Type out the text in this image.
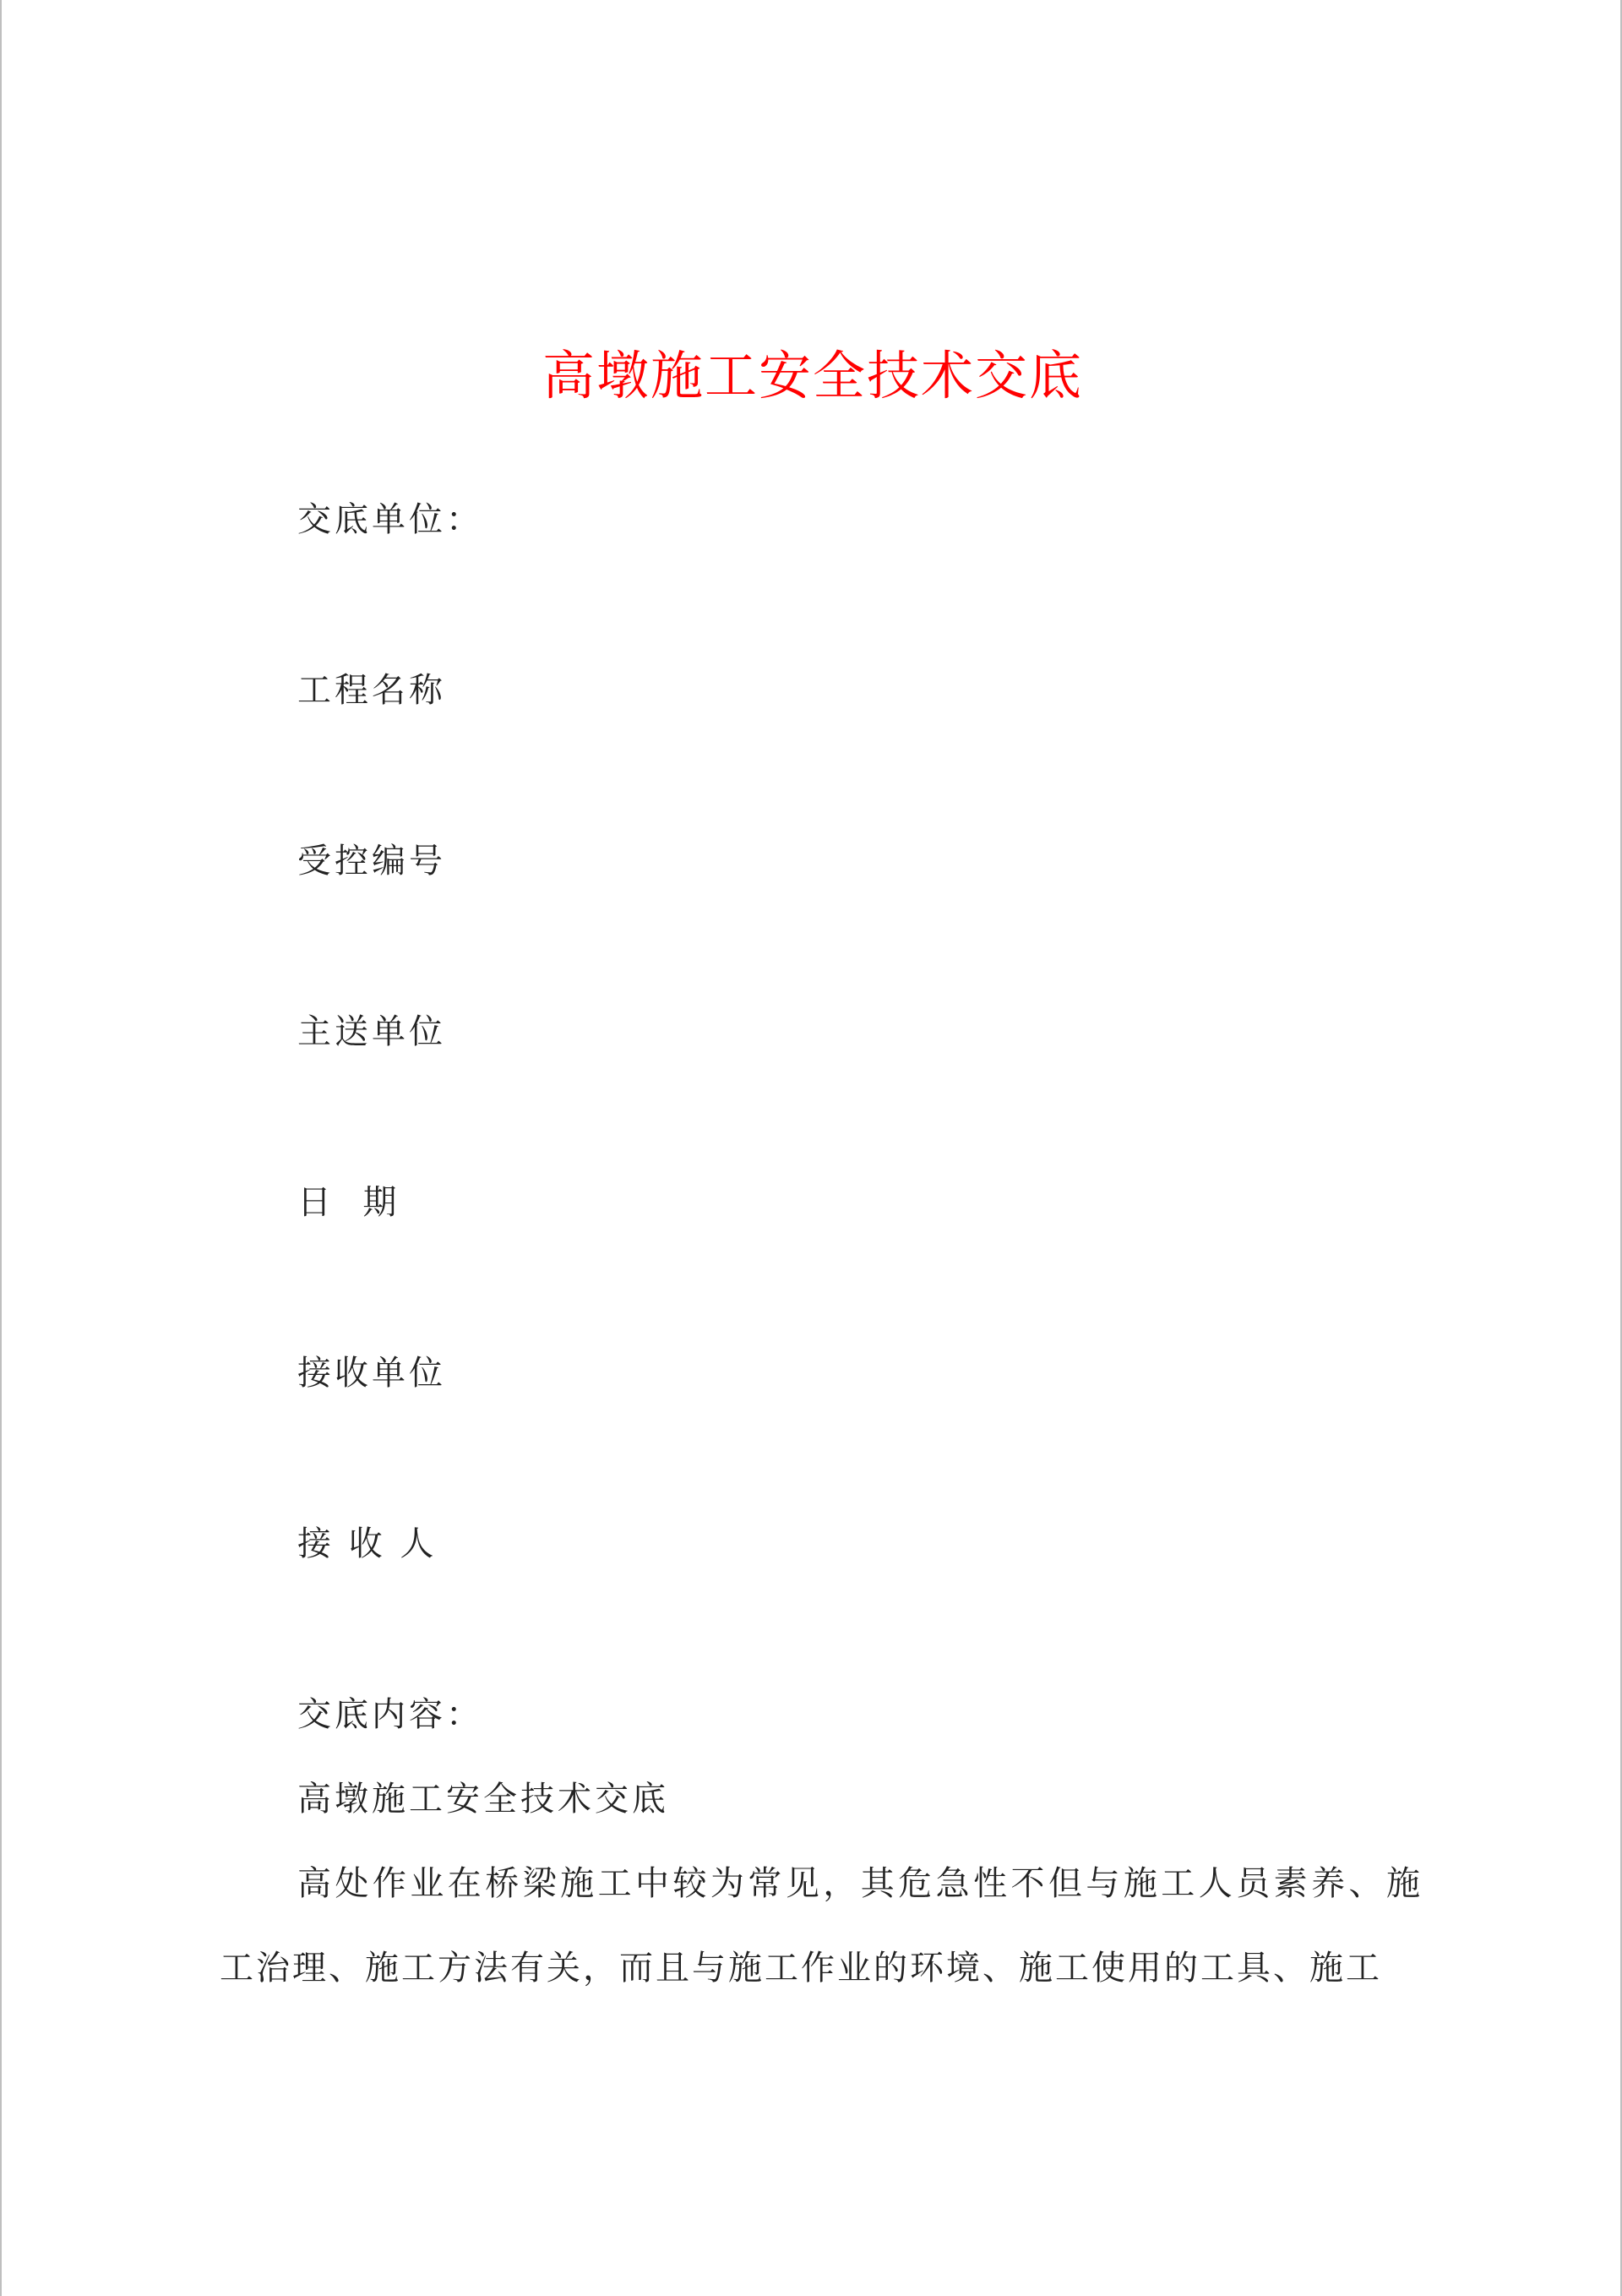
高墩施工安全技术交底
交底单位：
工程名称
受控编号
主送单位
日  期
接收单位
接 收 人
交底内容：
高墩施工安全技术交底

高处作业在桥梁施工中较为常见，其危急性不但与施工人员素养、施工治理、施工方法有关，而且与施工作业的环境、施工使用的工具、施工
